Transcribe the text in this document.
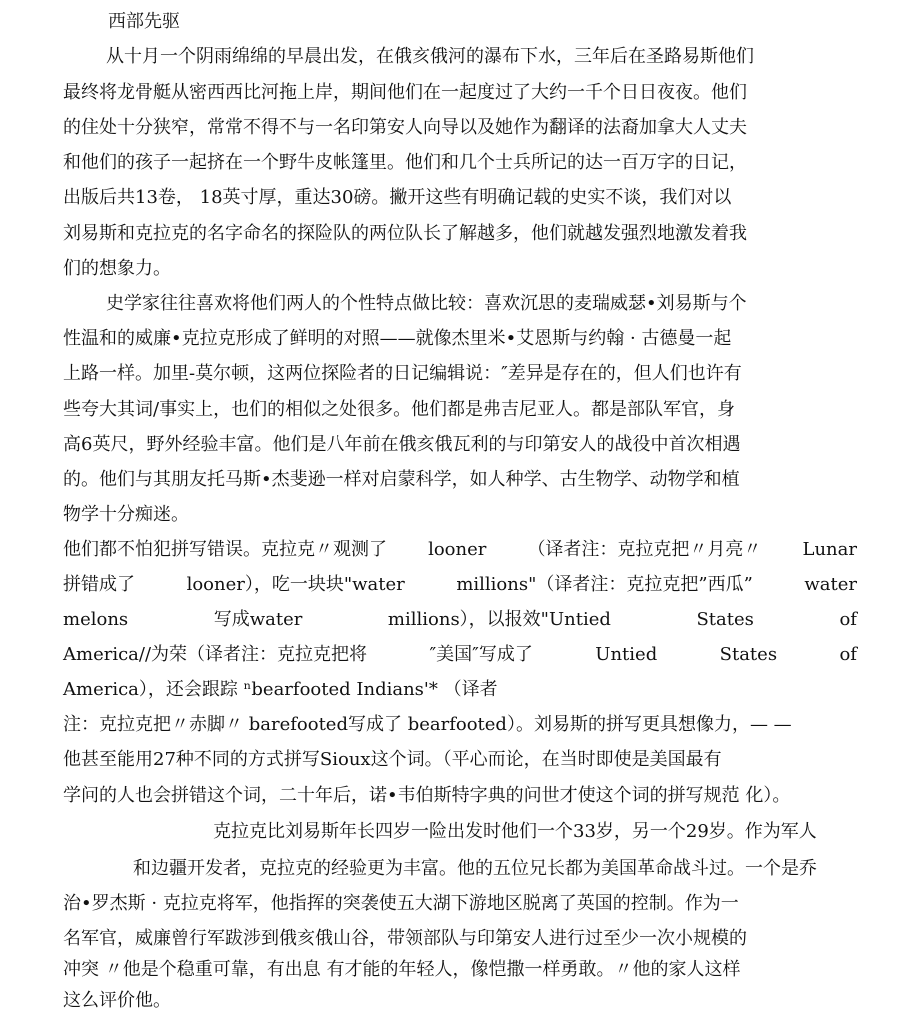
西部先驱
从十月一个阴雨绵绵的早晨出发，在俄亥俄河的瀑布下水，三年后在圣路易斯他们
最终将龙骨艇从密西西比河拖上岸，期间他们在一起度过了大约一千个日日夜夜。他们
的住处十分狭窄，常常不得不与一名印第安人向导以及她作为翻译的法裔加拿大人丈夫
和他们的孩子一起挤在一个野牛皮帐篷里。他们和几个士兵所记的达一百万字的日记，
出版后共13卷， 18英寸厚，重达30磅。撇开这些有明确记载的史实不谈，我们对以
刘易斯和克拉克的名字命名的探险队的两位队长了解越多，他们就越发强烈地激发着我
们的想象力。
史学家往往喜欢将他们两人的个性特点做比较：喜欢沉思的麦瑞威瑟•刘易斯与个
性温和的威廉•克拉克形成了鲜明的对照——就像杰里米•艾恩斯与约翰 · 古德曼一起
上路一样。加里-莫尔顿，这两位探险者的日记编辑说：″差异是存在的，但人们也许有
些夸大其词/事实上，也们的相似之处很多。他们都是弗吉尼亚人。都是部队军官，身
高6英尺，野外经验丰富。他们是八年前在俄亥俄瓦利的与印第安人的战役中首次相遇
的。他们与其朋友托马斯•杰斐逊一样对启蒙科学，如人种学、古生物学、动物学和植
物学十分痴迷。
他们都不怕犯拼写错误。克拉克〃观测了 looner （译者注：克拉克把〃月亮〃 Lunar
拼错成了	looner），吃一块块"water	millions"（译者注：克拉克把”西瓜”	water
melons	写成water	millions），以报效"Untied	States	of
America//为荣（译者注：克拉克把将	″美国″写成了	Untied	States	of
America），还会跟踪 ⁿbearfooted Indians'* （译者
注：克拉克把〃赤脚〃 barefooted写成了 bearfooted）。刘易斯的拼写更具想像力，— —
他甚至能用27种不同的方式拼写Sioux这个词。（平心而论，在当时即使是美国最有
学问的人也会拼错这个词，二十年后，诺•韦伯斯特字典的问世才使这个词的拼写规范 化）。
克拉克比刘易斯年长四岁一险出发时他们一个33岁，另一个29岁。作为军人
和边疆开发者，克拉克的经验更为丰富。他的五位兄长都为美国革命战斗过。一个是乔
治•罗杰斯 · 克拉克将军，他指挥的突袭使五大湖下游地区脱离了英国的控制。作为一
名军官，威廉曾行军跋涉到俄亥俄山谷，带领部队与印第安人进行过至少一次小规模的
冲突 〃他是个稳重可靠，有出息 有才能的年轻人，像恺撒一样勇敢。〃他的家人这样
这么评价他。
